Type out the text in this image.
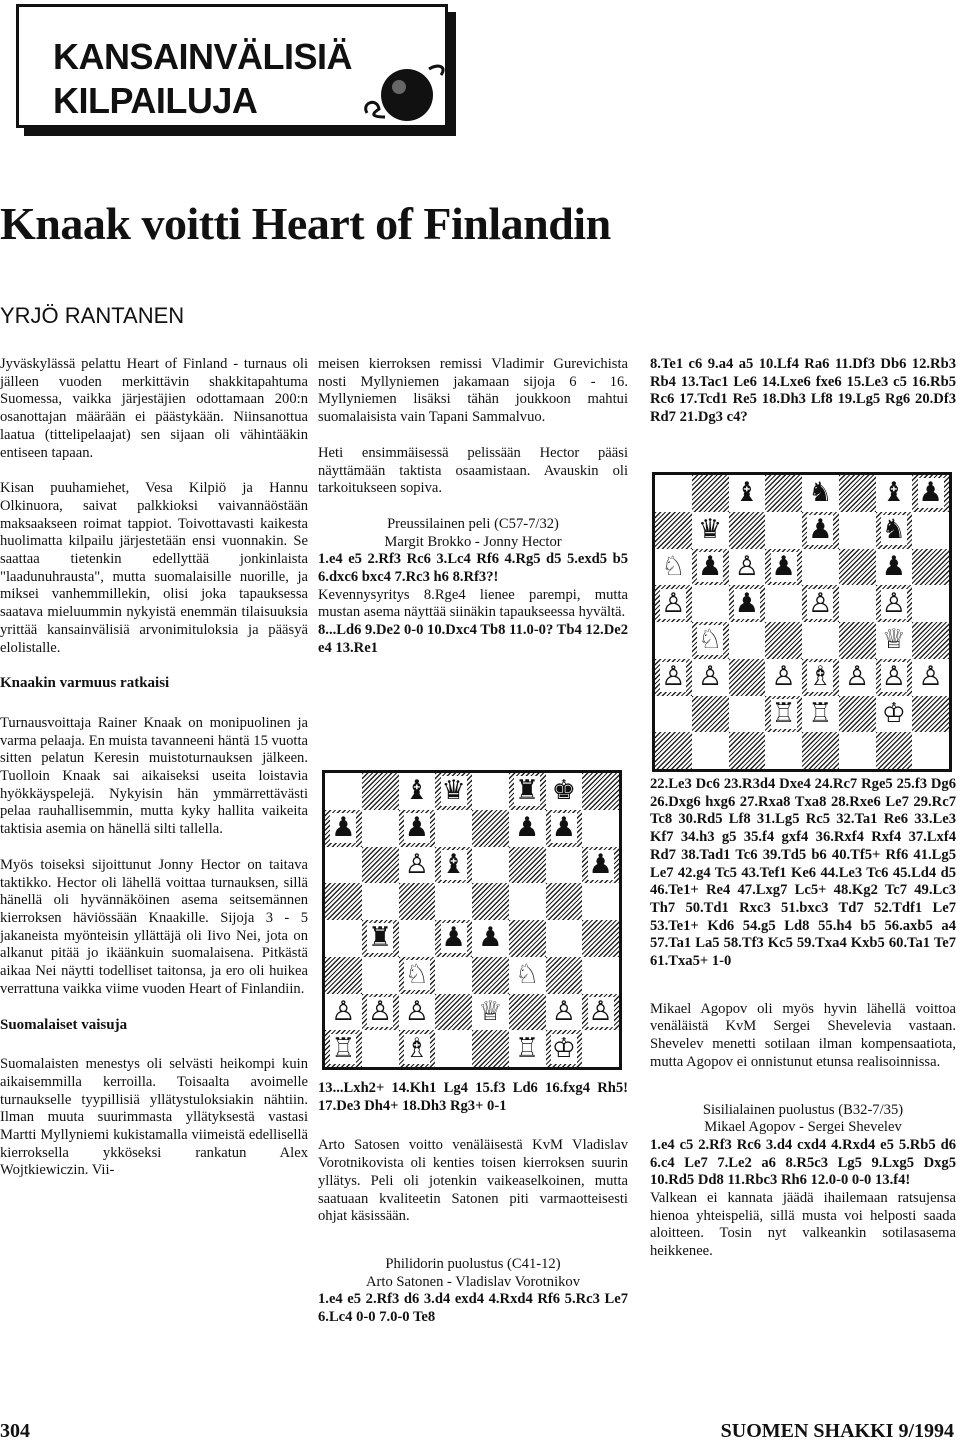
KANSAINVÄLISIÄ
KILPAILUJA
Knaak voitti Heart of Finlandin
YRJÖ RANTANEN

Jyväskylässä pelattu Heart of Finland - turnaus oli jälleen vuoden merkittävin shakkitapahtuma Suomessa, vaikka järjestäjien odottamaan 200:n osanottajan määrään ei päästykään. Niinsanottua laatua (tittelipelaajat) sen sijaan oli vähintääkin entiseen tapaan.

Kisan puuhamiehet, Vesa Kilpiö ja Hannu Olkinuora, saivat palkkioksi vaivannäöstään maksaakseen roimat tappiot. Toivottavasti kaikesta huolimatta kilpailu järjestetään ensi vuonnakin. Se saattaa tietenkin edellyttää jonkinlaista "laadunuhrausta", mutta suomalaisille nuorille, ja miksei vanhemmillekin, olisi joka tapauksessa saatava mieluummin nykyistä enemmän tilaisuuksia yrittää kansainvälisiä arvonimituloksia ja pääsyä elolistalle.

Knaakin varmuus ratkaisi

Turnausvoittaja Rainer Knaak on monipuolinen ja varma pelaaja. En muista tavanneeni häntä 15 vuotta sitten pelatun Keresin muistoturnauksen jälkeen. Tuolloin Knaak sai aikaiseksi useita loistavia hyökkäyspelejä. Nykyisin hän ymmärrettävästi pelaa rauhallisemmin, mutta kyky hallita vaikeita taktisia asemia on hänellä silti tallella.

Myös toiseksi sijoittunut Jonny Hector on taitava taktikko. Hector oli lähellä voittaa turnauksen, sillä hänellä oli hyvännäköinen asema seitsemännen kierroksen häviössään Knaakille. Sijoja 3 - 5 jakaneista myönteisin yllättäjä oli Iivo Nei, jota on alkanut pitää jo ikäänkuin suomalaisena. Pitkästä aikaa Nei näytti todelliset taitonsa, ja ero oli huikea verrattuna vaikka viime vuoden Heart of Finlandiin.

Suomalaiset vaisuja

Suomalaisten menestys oli selvästi heikompi kuin aikaisemmilla kerroilla. Toisaalta avoimelle turnaukselle tyypillisiä yllätystuloksiakin nähtiin. Ilman muuta suurimmasta yllätyksestä vastasi Martti Myllyniemi kukistamalla viimeistä edellisellä kierroksella ykköseksi rankatun Alex Wojtkiewiczin. Vii-

meisen kierroksen remissi Vladimir Gurevichista nosti Myllyniemen jakamaan sijoja 6 - 16. Myllyniemen lisäksi tähän joukkoon mahtui suomalaisista vain Tapani Sammalvuo.

Heti ensimmäisessä pelissään Hector pääsi näyttämään taktista osaamistaan. Avauskin oli tarkoitukseen sopiva.

Preussilainen peli (C57-7/32)
Margit Brokko - Jonny Hector
1.e4 e5 2.Rf3 Rc6 3.Lc4 Rf6 4.Rg5 d5 5.exd5 b5 6.dxc6 bxc4 7.Rc3 h6 8.Rf3?!

Kevennysyritys 8.Rge4 lienee parempi, mutta mustan asema näyttää siinäkin tapaukseessa hyvältä.

8...Ld6 9.De2 0-0 10.Dxc4 Tb8 11.0-0? Tb4 12.De2 e4 13.Re1

13...Lxh2+ 14.Kh1 Lg4 15.f3 Ld6 16.fxg4 Rh5! 17.De3 Dh4+ 18.Dh3 Rg3+ 0-1

Arto Satosen voitto venäläisestä KvM Vladislav Vorotnikovista oli kenties toisen kierroksen suurin yllätys. Peli oli jotenkin vaikeaselkoinen, mutta saatuaan kvaliteetin Satonen piti varmaotteisesti ohjat käsissään.

Philidorin puolustus (C41-12)
Arto Satonen - Vladislav Vorotnikov
1.e4 e5 2.Rf3 d6 3.d4 exd4 4.Rxd4 Rf6 5.Rc3 Le7 6.Lc4 0-0 7.0-0 Te8
8.Te1 c6 9.a4 a5 10.Lf4 Ra6 11.Df3 Db6 12.Rb3 Rb4 13.Tac1 Le6 14.Lxe6 fxe6 15.Le3 c5 16.Rb5 Rc6 17.Tcd1 Re5 18.Dh3 Lf8 19.Lg5 Rg6 20.Df3 Rd7 21.Dg3 c4?

22.Le3 Dc6 23.R3d4 Dxe4 24.Rc7 Rge5 25.f3 Dg6 26.Dxg6 hxg6 27.Rxa8 Txa8 28.Rxe6 Le7 29.Rc7 Tc8 30.Rd5 Lf8 31.Lg5 Rc5 32.Ta1 Re6 33.Le3 Kf7 34.h3 g5 35.f4 gxf4 36.Rxf4 Rxf4 37.Lxf4 Rd7 38.Tad1 Tc6 39.Td5 b6 40.Tf5+ Rf6 41.Lg5 Le7 42.g4 Tc5 43.Tef1 Ke6 44.Le3 Tc6 45.Ld4 d5 46.Te1+ Re4 47.Lxg7 Lc5+ 48.Kg2 Tc7 49.Lc3 Th7 50.Td1 Rxc3 51.bxc3 Td7 52.Tdf1 Le7 53.Te1+ Kd6 54.g5 Ld8 55.h4 b5 56.axb5 a4 57.Ta1 La5 58.Tf3 Kc5 59.Txa4 Kxb5 60.Ta1 Te7 61.Txa5+ 1-0

Mikael Agopov oli myös hyvin lähellä voittoa venäläistä KvM Sergei Shevelevia vastaan. Shevelev menetti sotilaan ilman kompensaatiota, mutta Agopov ei onnistunut etunsa realisoinnissa.

Sisilialainen puolustus (B32-7/35)
Mikael Agopov - Sergei Shevelev
1.e4 c5 2.Rf3 Rc6 3.d4 cxd4 4.Rxd4 e5 5.Rb5 d6 6.c4 Le7 7.Le2 a6 8.R5c3 Lg5 9.Lxg5 Dxg5 10.Rd5 Dd8 11.Rbc3 Rh6 12.0-0 0-0 13.f4!

Valkean ei kannata jäädä ihailemaan ratsujensa hienoa yhteispeliä, sillä musta voi helposti saada aloitteen. Tosin nyt valkeankin sotilasasema heikkenee.

♝ ♞ ♝ ♟
♛	♟ ♞
♘ ♟ ♙ ♟	♟
♙ ♟ ♙ ♙
♘	♕
♙ ♙ ♙ ♗ ♙ ♙ ♙
♖ ♖ ♔
♝ ♛ ♜ ♚
♟ ♟	♟ ♟
♙ ♝	♟
♜ ♟ ♟
♘	♘
♙ ♙ ♙ ♕ ♙ ♙
♖ ♗	♖ ♔
304	SUOMEN SHAKKI 9/1994
